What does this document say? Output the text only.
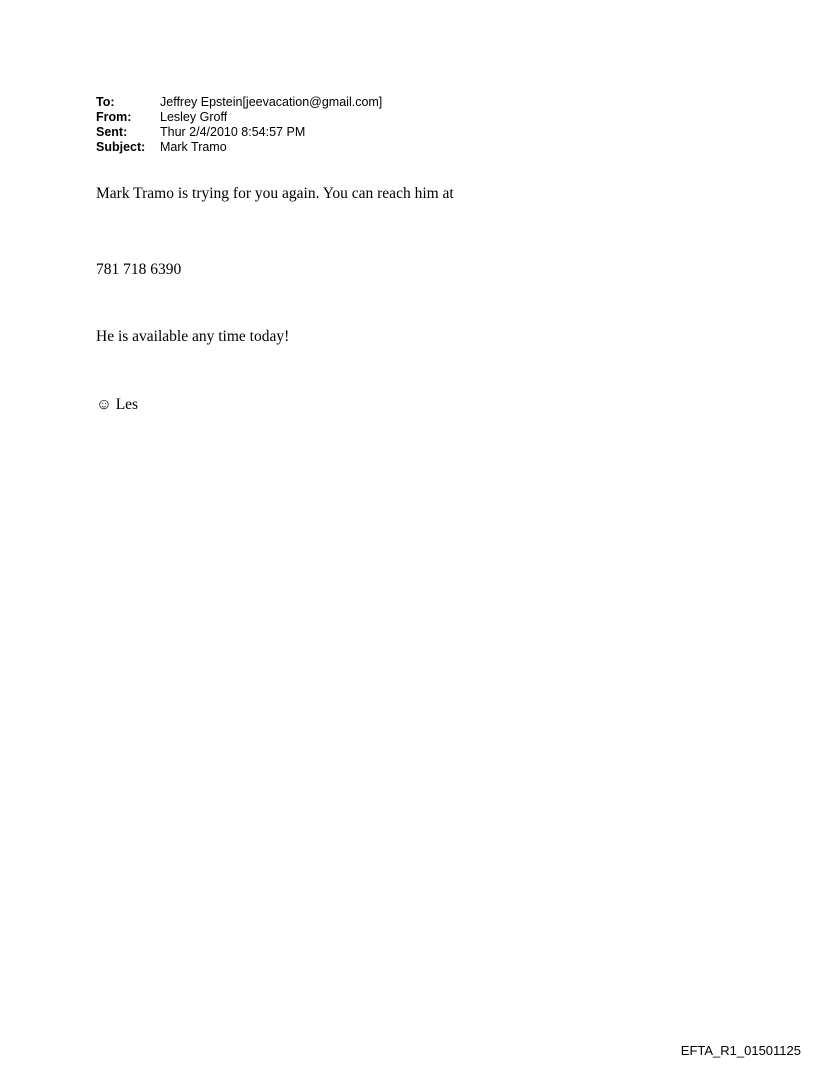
To:	Jeffrey Epstein[jeevacation@gmail.com]
From:	Lesley Groff
Sent:	Thur 2/4/2010 8:54:57 PM
Subject:	Mark Tramo
Mark Tramo is trying for you again. You can reach him at
781 718 6390
He is available any time today!
☺ Les
EFTA_R1_01501125
